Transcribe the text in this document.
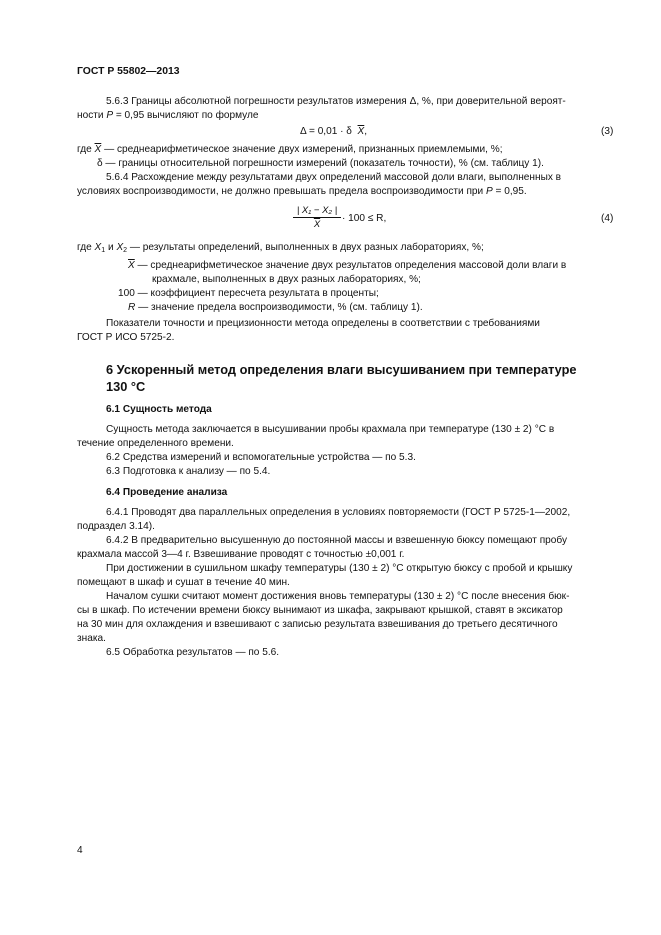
ГОСТ Р 55802—2013
5.6.3 Границы абсолютной погрешности результатов измерения Δ, %, при доверительной вероят-
ности P = 0,95 вычисляют по формуле
Δ = 0,01 · δ $\overline{X}$,	(3)
где $\overline{X}$ — среднеарифметическое значение двух измерений, признанных приемлемыми, %;
δ — границы относительной погрешности измерений (показатель точности), % (см. таблицу 1).
5.6.4 Расхождение между результатами двух определений массовой доли влаги, выполненных в
условиях воспроизводимости, не должно превышать предела воспроизводимости при P = 0,95.
$\frac{\text{| X₁ − X₂ |}}{X} \cdot 100 \le R$,	(4)
где $X_1$ и $X_2$ — результаты определений, выполненных в двух разных лабораториях, %;
$\overline{X}$ — среднеарифметическое значение двух результатов определения массовой доли влаги в
крахмале, выполненных в двух разных лабораториях, %;
100 — коэффициент пересчета результата в проценты;
R — значение предела воспроизводимости, % (см. таблицу 1).
Показатели точности и прецизионности метода определены в соответствии с требованиями
ГОСТ Р ИСО 5725-2.
6 Ускоренный метод определения влаги высушиванием при температуре
130 °C
6.1 Сущность метода
Сущность метода заключается в высушивании пробы крахмала при температуре (130 ± 2) °C в
течение определенного времени.
6.2 Средства измерений и вспомогательные устройства — по 5.3.
6.3 Подготовка к анализу — по 5.4.
6.4 Проведение анализа
6.4.1 Проводят два параллельных определения в условиях повторяемости (ГОСТ Р 5725-1—2002,
подраздел 3.14).
6.4.2 В предварительно высушенную до постоянной массы и взвешенную бюксу помещают пробу
крахмала массой 3—4 г. Взвешивание проводят с точностью ±0,001 г.
При достижении в сушильном шкафу температуры (130 ± 2) °C открытую бюксу с пробой и крышку
помещают в шкаф и сушат в течение 40 мин.
Началом сушки считают момент достижения вновь температуры (130 ± 2) °C после внесения бюк-
сы в шкаф. По истечении времени бюксу вынимают из шкафа, закрывают крышкой, ставят в эксикатор
на 30 мин для охлаждения и взвешивают с записью результата взвешивания до третьего десятичного
знака.
6.5 Обработка результатов — по 5.6.
4
